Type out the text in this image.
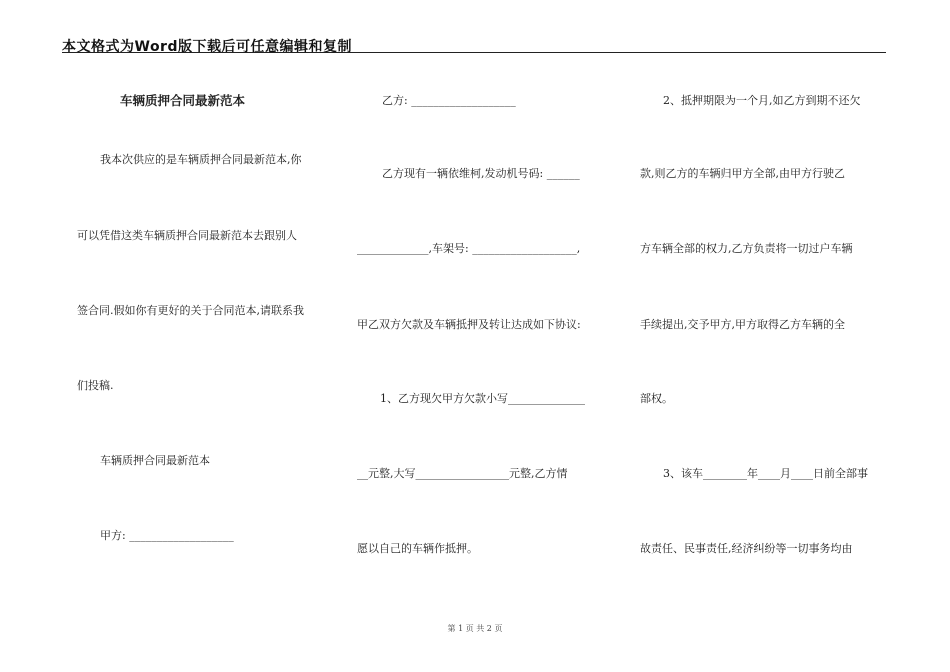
本文格式为Word版下载后可任意编辑和复制
车辆质押合同最新范本
我本次供应的是车辆质押合同最新范本,你
可以凭借这类车辆质押合同最新范本去跟别人
签合同.假如你有更好的关于合同范本,请联系我
们投稿.
车辆质押合同最新范本
甲方: ___________________
乙方: ___________________
乙方现有一辆依维柯,发动机号码: ______
_____________,车架号: ___________________,
甲乙双方欠款及车辆抵押及转让达成如下协议:
1、乙方现欠甲方欠款小写______________
__元整,大写_________________元整,乙方情
愿以自己的车辆作抵押。
2、抵押期限为一个月,如乙方到期不还欠
款,则乙方的车辆归甲方全部,由甲方行驶乙
方车辆全部的权力,乙方负责将一切过户车辆
手续提出,交予甲方,甲方取得乙方车辆的全
部权。
3、该车________年____月____日前全部事
故责任、民事责任,经济纠纷等一切事务均由
第 1 页 共 2 页
